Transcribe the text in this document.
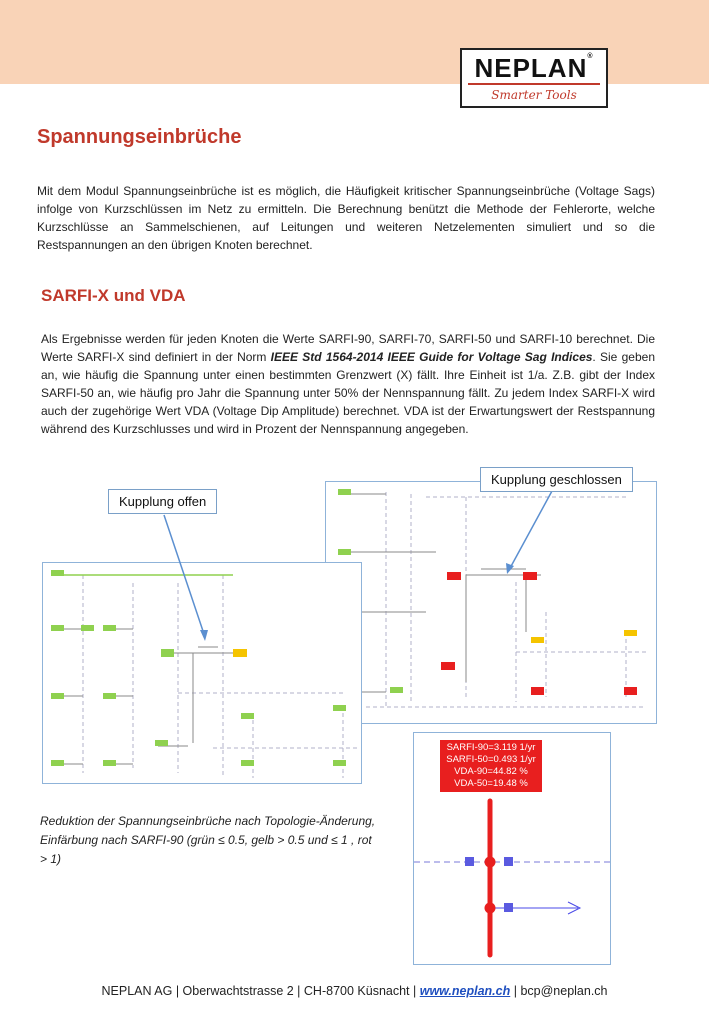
NEPLAN®
Smarter Tools
Spannungseinbrüche
Mit dem Modul Spannungseinbrüche ist es möglich, die Häufigkeit kritischer Spannungseinbrüche (Voltage Sags) infolge von Kurzschlüssen im Netz zu ermitteln. Die Berechnung benützt die Methode der Fehlerorte, welche Kurzschlüsse an Sammelschienen, auf Leitungen und weiteren Netzelementen simuliert und so die Restspannungen an den übrigen Knoten berechnet.
SARFI-X und VDA
Als Ergebnisse werden für jeden Knoten die Werte SARFI-90, SARFI-70, SARFI-50 und SARFI-10 berechnet. Die Werte SARFI-X sind definiert in der Norm IEEE Std 1564-2014 IEEE Guide for Voltage Sag Indices. Sie geben an, wie häufig die Spannung unter einen bestimmten Grenzwert (X) fällt. Ihre Einheit ist 1/a. Z.B. gibt der Index SARFI-50 an, wie häufig pro Jahr die Spannung unter 50% der Nennspannung fällt. Zu jedem Index SARFI-X wird auch der zugehörige Wert VDA (Voltage Dip Amplitude) berechnet. VDA ist der Erwartungswert der Restspannung während des Kurzschlusses und wird in Prozent der Nennspannung angegeben.
Kupplung offen
Kupplung geschlossen
SARFI-90=3.119 1/yr
SARFI-50=0.493 1/yr
VDA-90=44.82 %
VDA-50=19.48 %
Reduktion der Spannungseinbrüche nach Topologie-Änderung, Einfärbung nach SARFI-90 (grün ≤ 0.5, gelb > 0.5 und ≤ 1 , rot > 1)
NEPLAN AG | Oberwachtstrasse 2 | CH-8700 Küsnacht | www.neplan.ch | bcp@neplan.ch
